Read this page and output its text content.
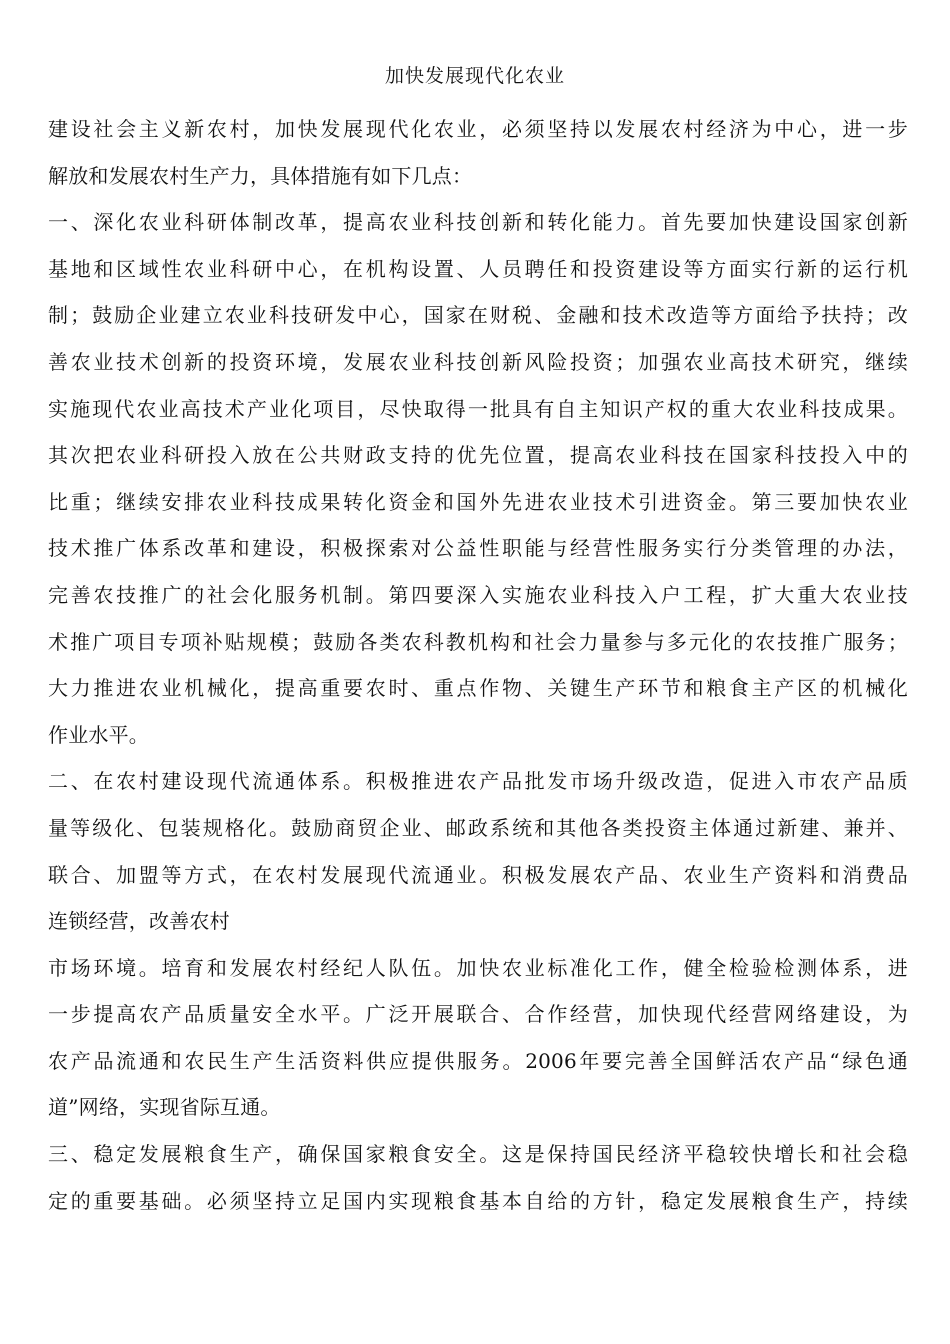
加快发展现代化农业
建设社会主义新农村，加快发展现代化农业，必须坚持以发展农村经济为中心，进一步
解放和发展农村生产力，具体措施有如下几点：
一、深化农业科研体制改革，提高农业科技创新和转化能力。首先要加快建设国家创新
基地和区域性农业科研中心，在机构设置、人员聘任和投资建设等方面实行新的运行机
制；鼓励企业建立农业科技研发中心，国家在财税、金融和技术改造等方面给予扶持；改
善农业技术创新的投资环境，发展农业科技创新风险投资；加强农业高技术研究，继续
实施现代农业高技术产业化项目，尽快取得一批具有自主知识产权的重大农业科技成果。
其次把农业科研投入放在公共财政支持的优先位置，提高农业科技在国家科技投入中的
比重；继续安排农业科技成果转化资金和国外先进农业技术引进资金。第三要加快农业
技术推广体系改革和建设，积极探索对公益性职能与经营性服务实行分类管理的办法，
完善农技推广的社会化服务机制。第四要深入实施农业科技入户工程，扩大重大农业技
术推广项目专项补贴规模；鼓励各类农科教机构和社会力量参与多元化的农技推广服务；
大力推进农业机械化，提高重要农时、重点作物、关键生产环节和粮食主产区的机械化
作业水平。
二、在农村建设现代流通体系。积极推进农产品批发市场升级改造，促进入市农产品质
量等级化、包装规格化。鼓励商贸企业、邮政系统和其他各类投资主体通过新建、兼并、
联合、加盟等方式，在农村发展现代流通业。积极发展农产品、农业生产资料和消费品
连锁经营，改善农村
市场环境。培育和发展农村经纪人队伍。加快农业标准化工作，健全检验检测体系，进
一步提高农产品质量安全水平。广泛开展联合、合作经营，加快现代经营网络建设，为
农产品流通和农民生产生活资料供应提供服务。2006年要完善全国鲜活农产品“绿色通
道”网络，实现省际互通。
三、稳定发展粮食生产，确保国家粮食安全。这是保持国民经济平稳较快增长和社会稳
定的重要基础。必须坚持立足国内实现粮食基本自给的方针，稳定发展粮食生产，持续
